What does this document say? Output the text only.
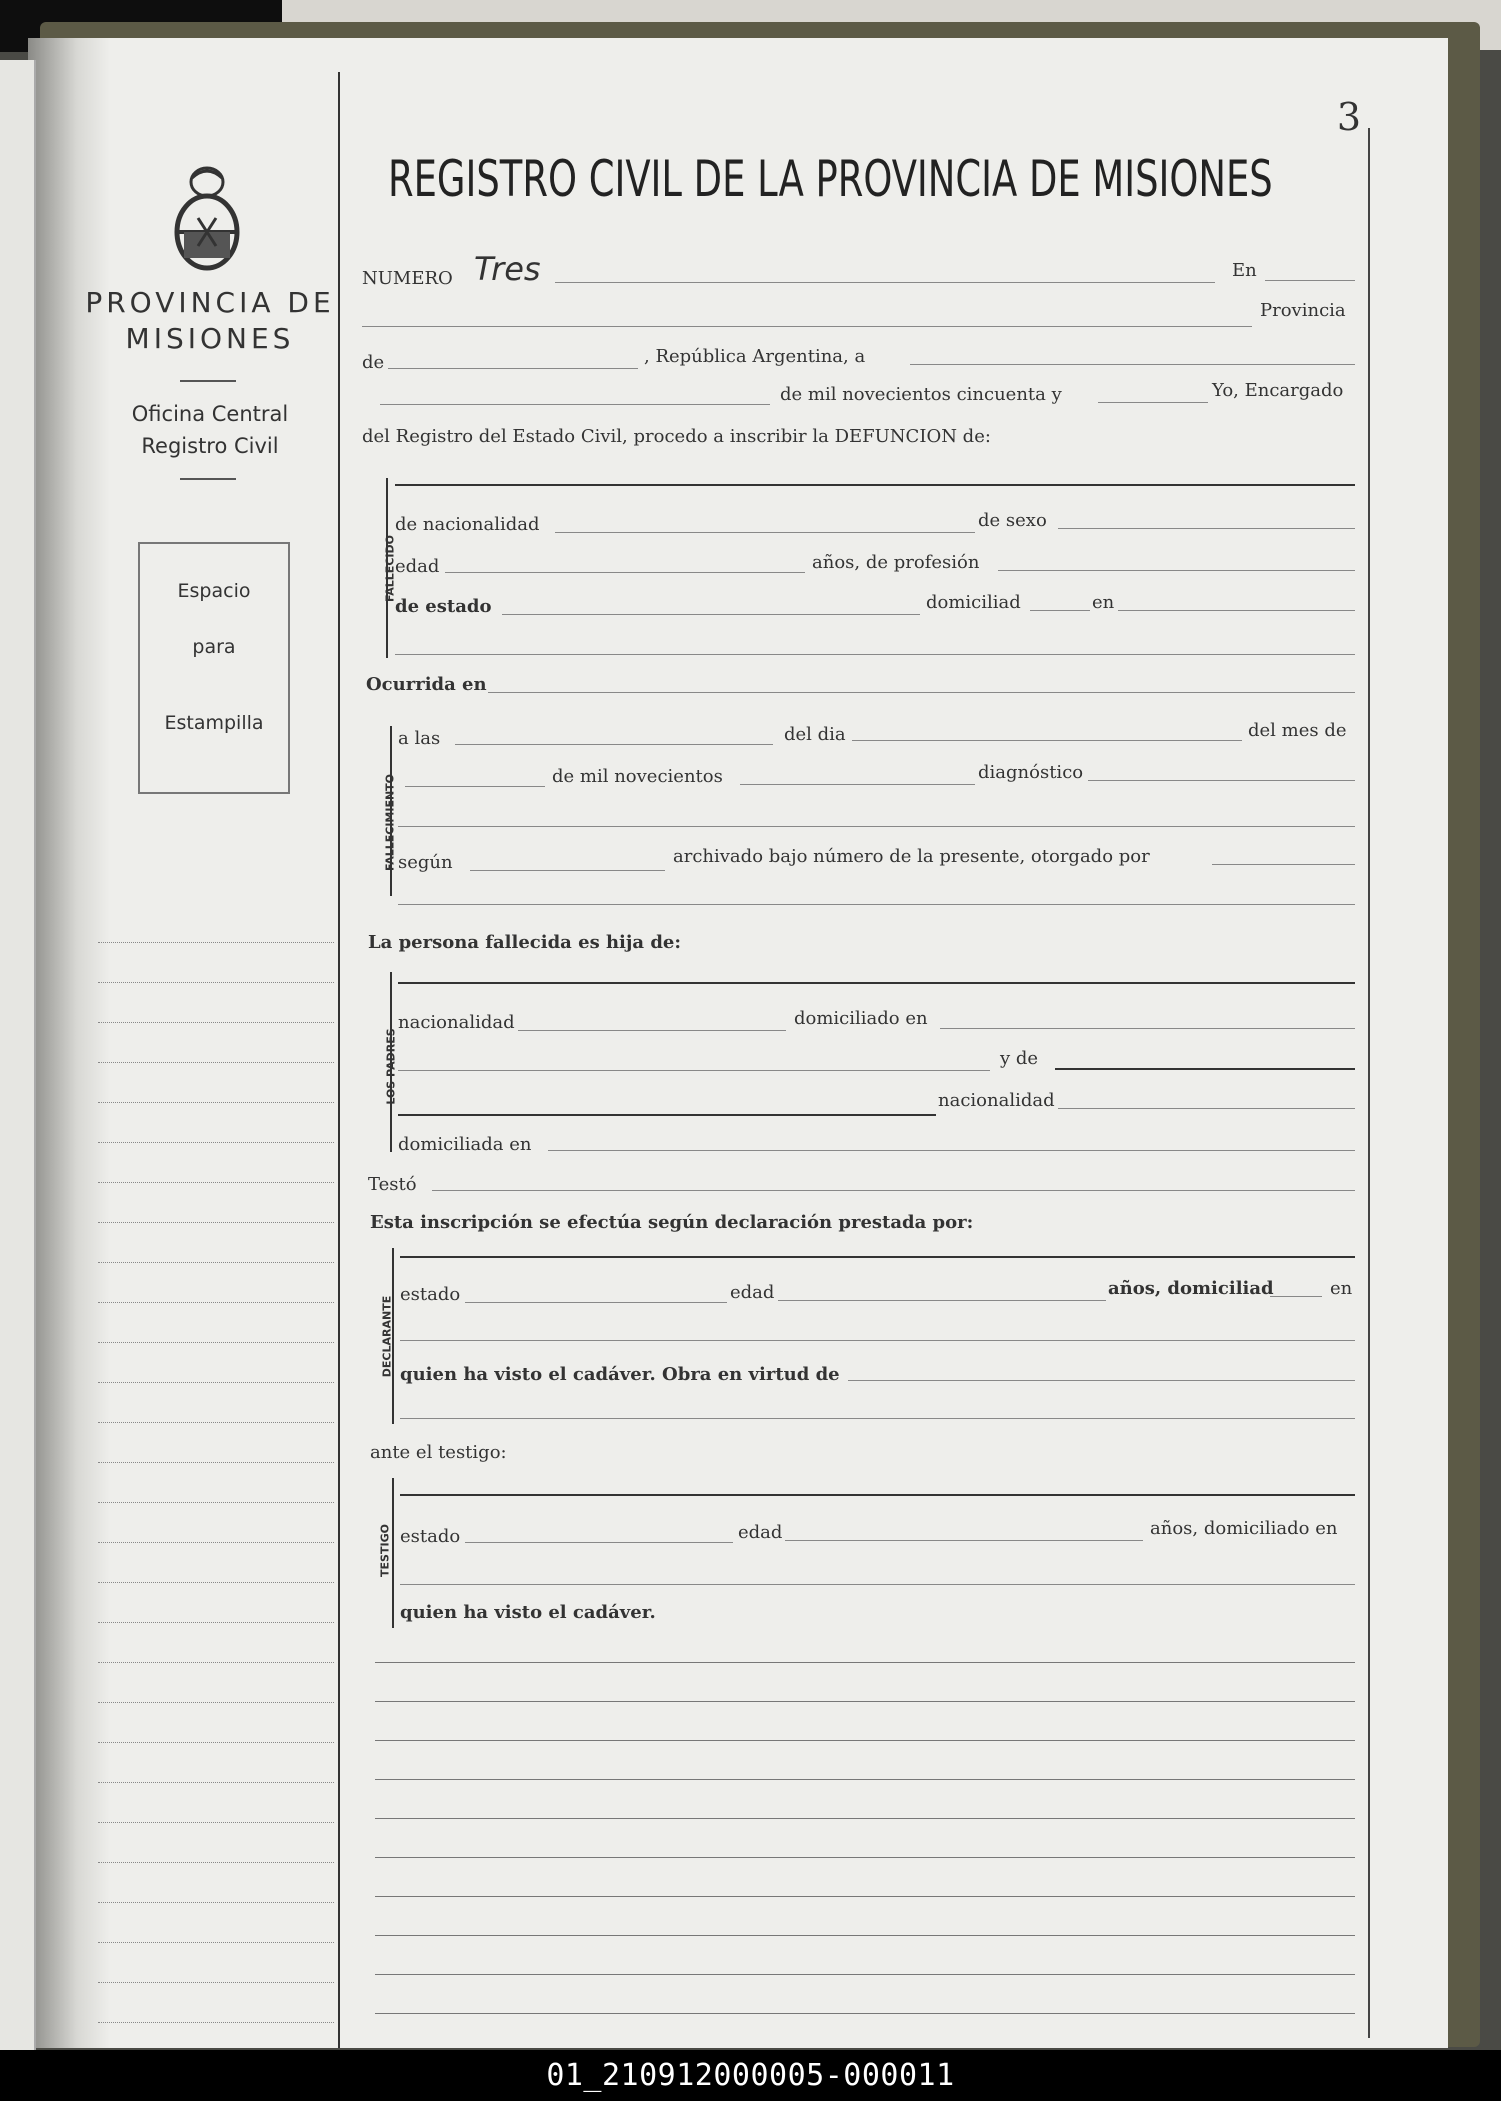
3
PROVINCIA DE MISIONES
Oficina Central
Registro Civil
Espacio
para
Estampilla
REGISTRO CIVIL DE LA PROVINCIA DE MISIONES
NUMERO Tres	En
Provincia
de	, República Argentina, a
de mil novecientos cincuenta y	Yo, Encargado
del Registro del Estado Civil, procedo a inscribir la DEFUNCION de:
FALLECIDO
de nacionalidad	de sexo
edad	años, de profesión
de estado	domiciliad	en
Ocurrida en
FALLECIMIENTO
a las	del dia	del mes de
de mil novecientos	diagnóstico
según	archivado bajo número de la presente, otorgado por
La persona fallecida es hija de:
LOS PADRES
nacionalidad	domiciliado en
y de
nacionalidad
domiciliada en
Testó
Esta inscripción se efectúa según declaración prestada por:
DECLARANTE
estado	edad	años, domiciliad	en
quien ha visto el cadáver. Obra en virtud de
ante el testigo:
TESTIGO estado	edad	años, domiciliado en
quien ha visto el cadáver.
01_210912000005-000011
